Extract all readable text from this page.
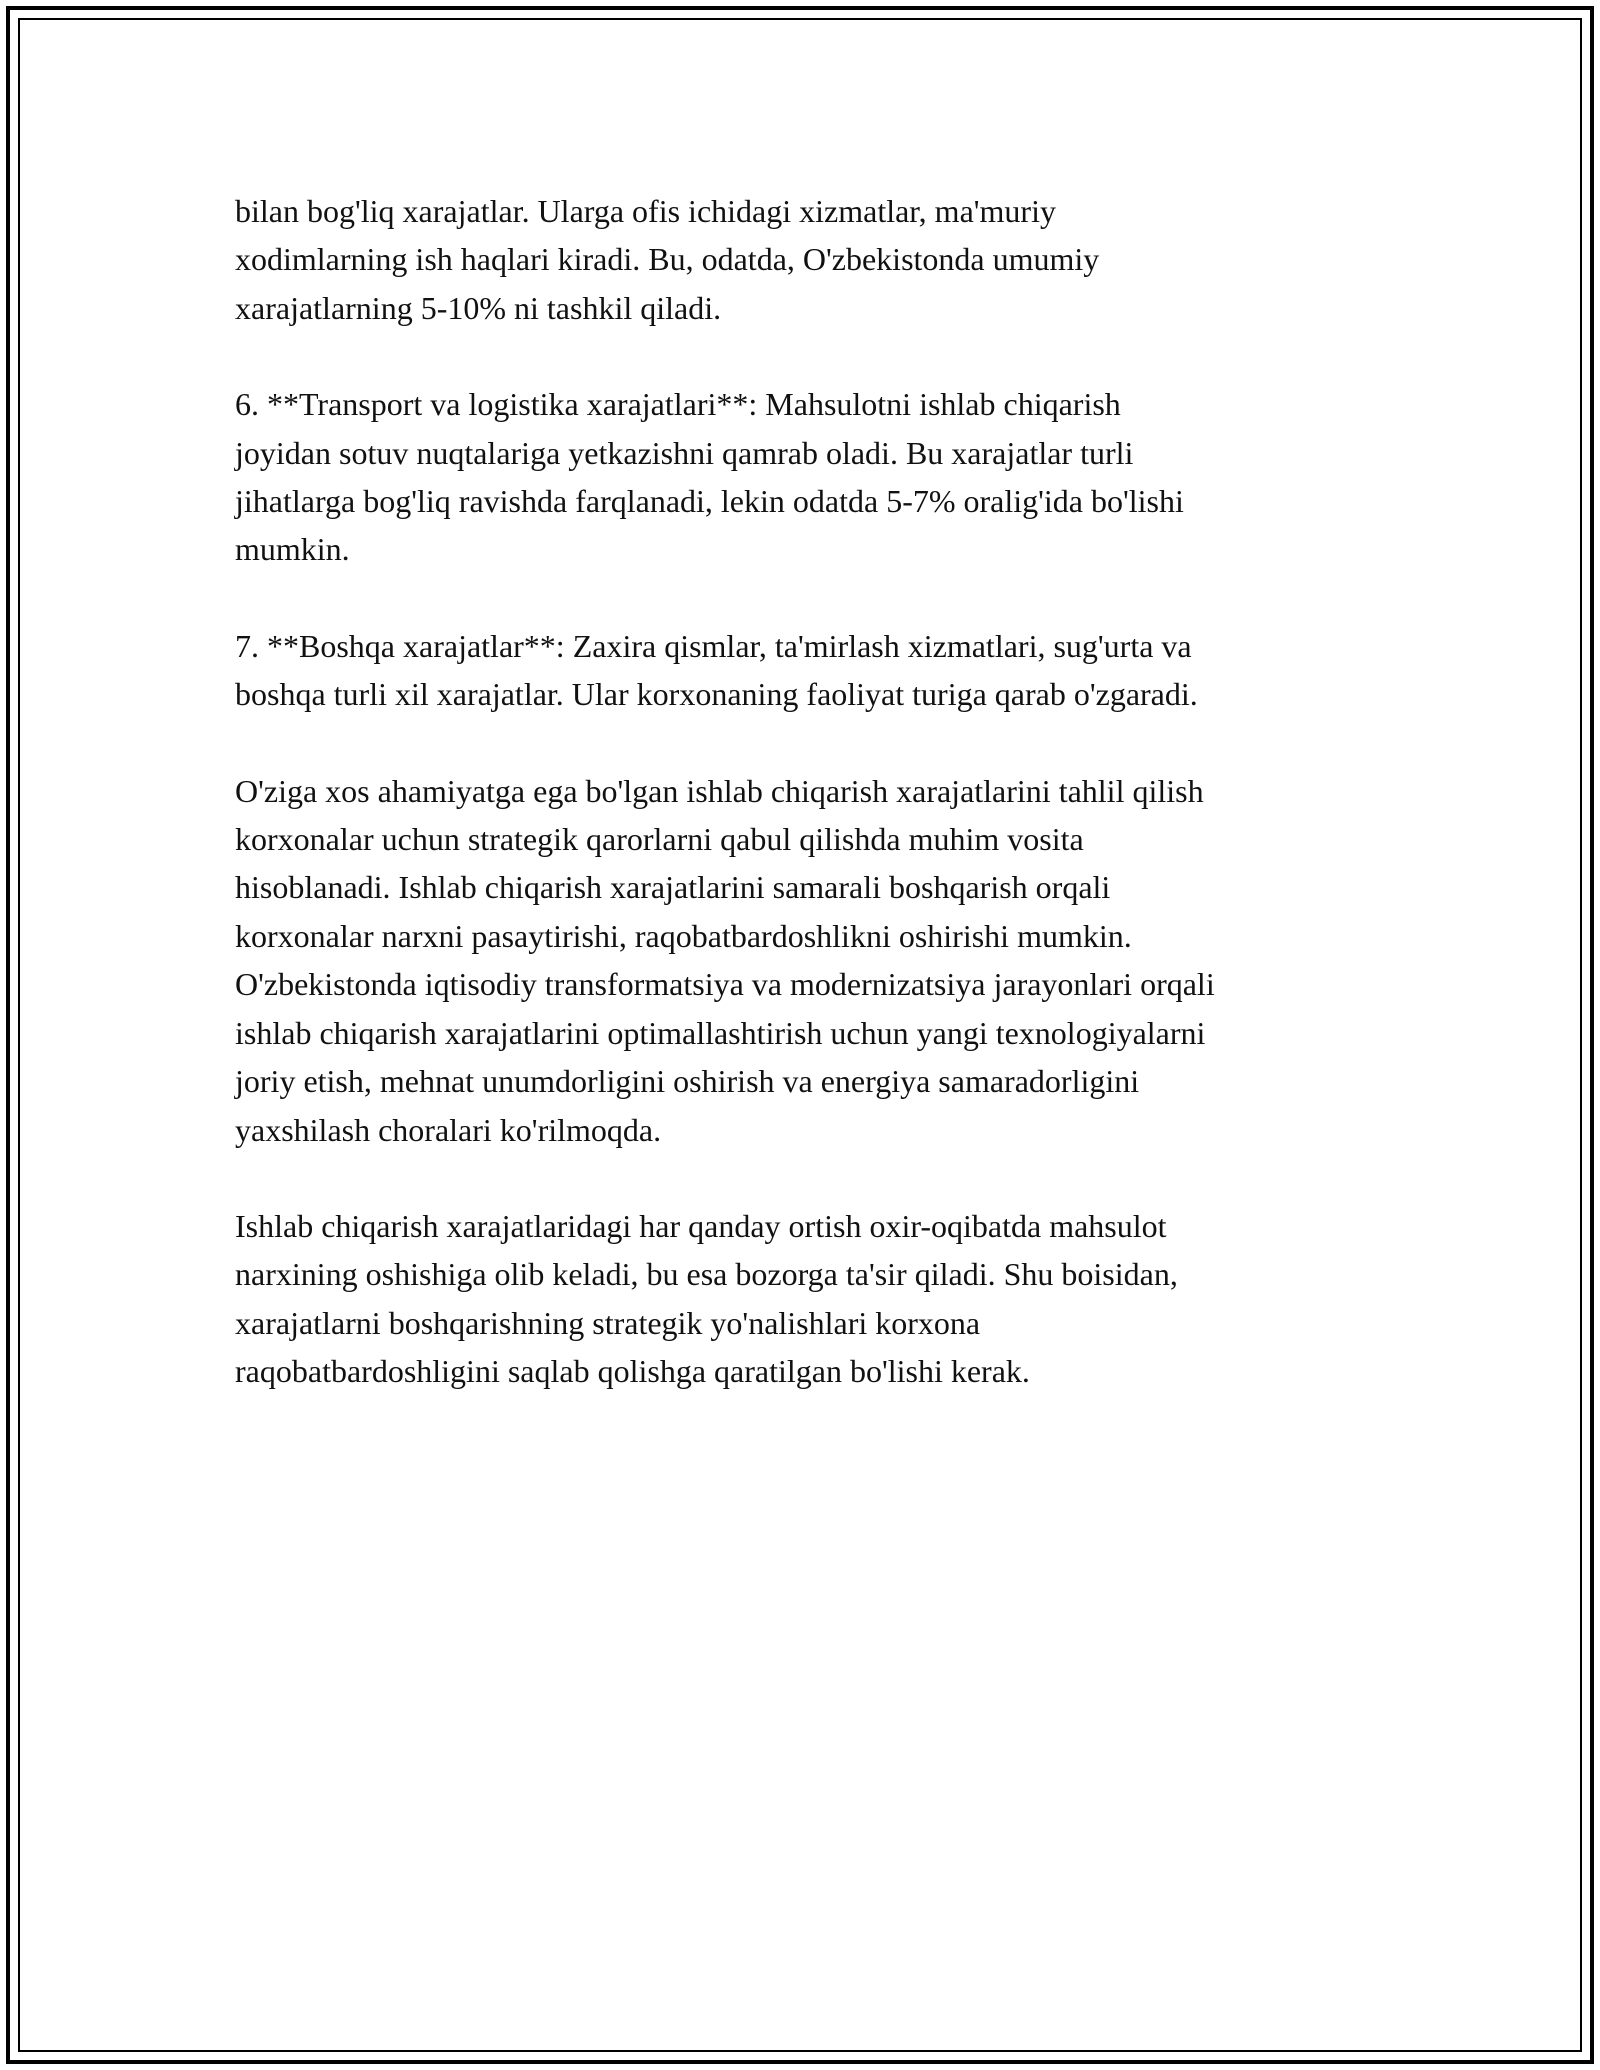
bilan bog'liq xarajatlar. Ularga ofis ichidagi xizmatlar, ma'muriy
xodimlarning ish haqlari kiradi. Bu, odatda, O'zbekistonda umumiy
xarajatlarning 5-10% ni tashkil qiladi.

6. **Transport va logistika xarajatlari**: Mahsulotni ishlab chiqarish
joyidan sotuv nuqtalariga yetkazishni qamrab oladi. Bu xarajatlar turli
jihatlarga bog'liq ravishda farqlanadi, lekin odatda 5-7% oralig'ida bo'lishi
mumkin.

7. **Boshqa xarajatlar**: Zaxira qismlar, ta'mirlash xizmatlari, sug'urta va
boshqa turli xil xarajatlar. Ular korxonaning faoliyat turiga qarab o'zgaradi.

O'ziga xos ahamiyatga ega bo'lgan ishlab chiqarish xarajatlarini tahlil qilish
korxonalar uchun strategik qarorlarni qabul qilishda muhim vosita
hisoblanadi. Ishlab chiqarish xarajatlarini samarali boshqarish orqali
korxonalar narxni pasaytirishi, raqobatbardoshlikni oshirishi mumkin.
O'zbekistonda iqtisodiy transformatsiya va modernizatsiya jarayonlari orqali
ishlab chiqarish xarajatlarini optimallashtirish uchun yangi texnologiyalarni
joriy etish, mehnat unumdorligini oshirish va energiya samaradorligini
yaxshilash choralari ko'rilmoqda.

Ishlab chiqarish xarajatlaridagi har qanday ortish oxir-oqibatda mahsulot
narxining oshishiga olib keladi, bu esa bozorga ta'sir qiladi. Shu boisidan,
xarajatlarni boshqarishning strategik yo'nalishlari korxona
raqobatbardoshligini saqlab qolishga qaratilgan bo'lishi kerak.
